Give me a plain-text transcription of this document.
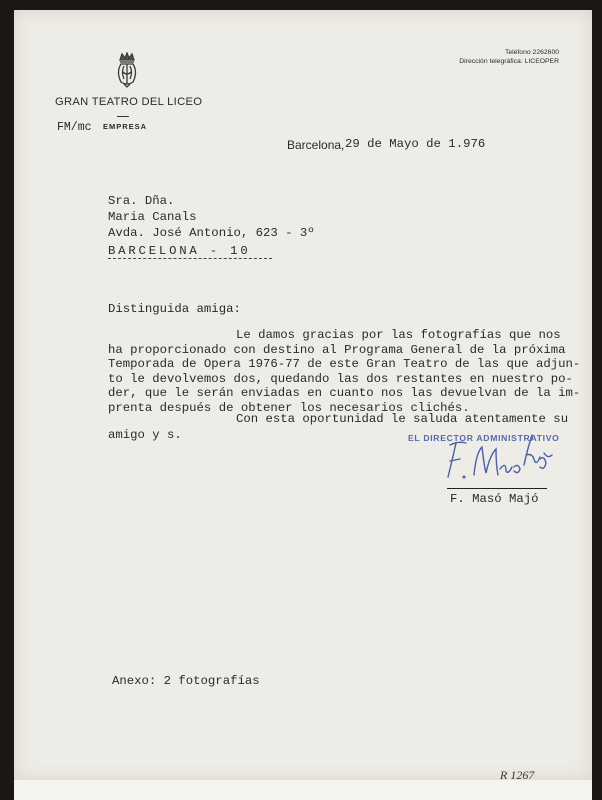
GRAN TEATRO DEL LICEO
FM/mc EMPRESA
Teléfono 2262600
Dirección telegráfica: LICEOPER
Barcelona, 29 de Mayo de 1.976
Sra. Dña.
Maria Canals
Avda. José Antonio, 623 - 3º
BARCELONA - 10
Distinguida amiga:
Le damos gracias por las fotografías que nos
ha proporcionado con destino al Programa General de la próxima
Temporada de Opera 1976-77 de este Gran Teatro de las que adjun-
to le devolvemos dos, quedando las dos restantes en nuestro po-
der, que le serán enviadas en cuanto nos las devuelvan de la im-
prenta después de obtener los necesarios clichés.
Con esta oportunidad le saluda atentamente su
amigo y s.	EL DIRECTOR ADMINISTRATIVO
F. Masó Majó
Anexo: 2 fotografías
R 1267
